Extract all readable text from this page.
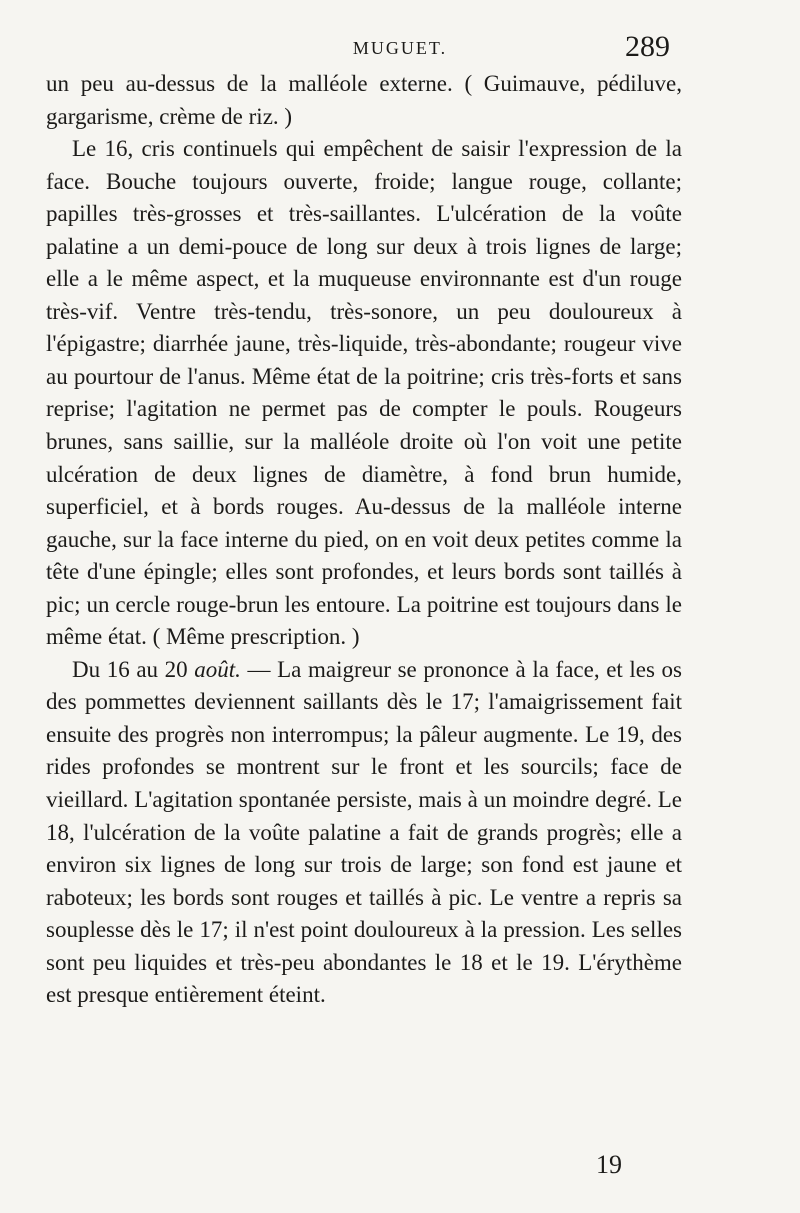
MUGUET.	289

un peu au-dessus de la malléole externe. ( Guimauve, pédiluve, gargarisme, crème de riz. )

Le 16, cris continuels qui empêchent de saisir l'expression de la face. Bouche toujours ouverte, froide; langue rouge, collante; papilles très-grosses et très-saillantes. L'ulcération de la voûte palatine a un demi-pouce de long sur deux à trois lignes de large; elle a le même aspect, et la muqueuse environnante est d'un rouge très-vif. Ventre très-tendu, très-sonore, un peu douloureux à l'épigastre; diarrhée jaune, très-liquide, très-abondante; rougeur vive au pourtour de l'anus. Même état de la poitrine; cris très-forts et sans reprise; l'agitation ne permet pas de compter le pouls. Rougeurs brunes, sans saillie, sur la malléole droite où l'on voit une petite ulcération de deux lignes de diamètre, à fond brun humide, superficiel, et à bords rouges. Au-dessus de la malléole interne gauche, sur la face interne du pied, on en voit deux petites comme la tête d'une épingle; elles sont profondes, et leurs bords sont taillés à pic; un cercle rouge-brun les entoure. La poitrine est toujours dans le même état. ( Même prescription. )

Du 16 au 20 août. — La maigreur se prononce à la face, et les os des pommettes deviennent saillants dès le 17; l'amaigrissement fait ensuite des progrès non interrompus; la pâleur augmente. Le 19, des rides profondes se montrent sur le front et les sourcils; face de vieillard. L'agitation spontanée persiste, mais à un moindre degré. Le 18, l'ulcération de la voûte palatine a fait de grands progrès; elle a environ six lignes de long sur trois de large; son fond est jaune et raboteux; les bords sont rouges et taillés à pic. Le ventre a repris sa souplesse dès le 17; il n'est point douloureux à la pression. Les selles sont peu liquides et très-peu abondantes le 18 et le 19. L'érythème est presque entièrement éteint.

19
